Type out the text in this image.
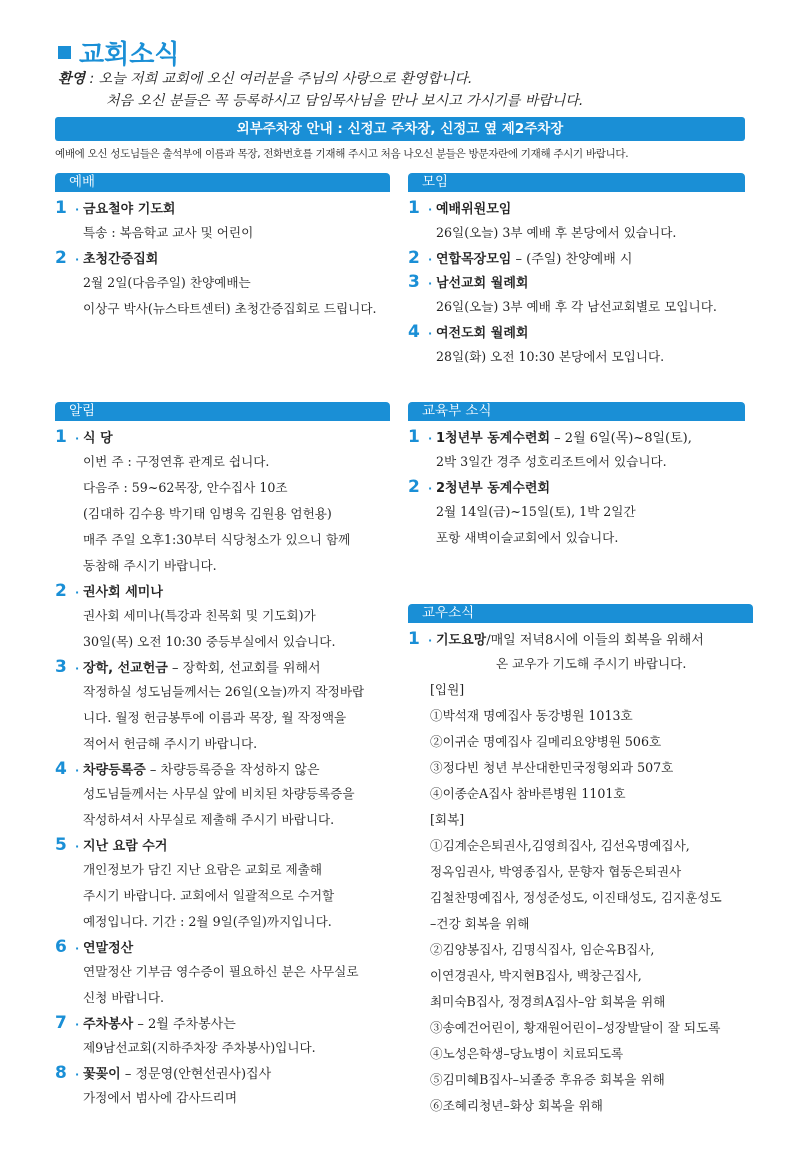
교회소식
환영 : 오늘 저희 교회에 오신 여러분을 주님의 사랑으로 환영합니다.
처음 오신 분들은 꼭 등록하시고 담임목사님을 만나 보시고 가시기를 바랍니다.
외부주차장 안내 : 신정고 주차장, 신정고 옆 제2주차장
예배에 오신 성도님들은 출석부에 이름과 목장, 전화번호를 기재해 주시고 처음 나오신 분들은 방문자란에 기재해 주시기 바랍니다.
예배
1 · 금요철야 기도회
특송 : 복음학교 교사 및 어린이
2 · 초청간증집회
2월 2일(다음주일) 찬양예배는
이상구 박사(뉴스타트센터) 초청간증집회로 드립니다.
모임
1 · 예배위원모임
26일(오늘) 3부 예배 후 본당에서 있습니다.
2 · 연합목장모임 – (주일) 찬양예배 시
3 · 남선교회 월례회
26일(오늘) 3부 예배 후 각 남선교회별로 모입니다.
4 · 여전도회 월례회
28일(화) 오전 10:30 본당에서 모입니다.
알림
1 · 식 당
이번 주 : 구정연휴 관계로 쉽니다.
다음주 : 59~62목장, 안수집사 10조
(김대하 김수용 박기태 임병욱 김원용 엄헌용)
매주 주일 오후1:30부터 식당청소가 있으니 함께
동참해 주시기 바랍니다.
2 · 권사회 세미나
권사회 세미나(특강과 친목회 및 기도회)가
30일(목) 오전 10:30 중등부실에서 있습니다.
3 · 장학, 선교헌금 – 장학회, 선교회를 위해서
작정하실 성도님들께서는 26일(오늘)까지 작정바랍
니다. 월정 헌금봉투에 이름과 목장, 월 작정액을
적어서 헌금해 주시기 바랍니다.
4 · 차량등록증 – 차량등록증을 작성하지 않은
성도님들께서는 사무실 앞에 비치된 차량등록증을
작성하셔서 사무실로 제출해 주시기 바랍니다.
5 · 지난 요람 수거
개인정보가 담긴 지난 요람은 교회로 제출해
주시기 바랍니다. 교회에서 일괄적으로 수거할
예정입니다. 기간 : 2월 9일(주일)까지입니다.
6 · 연말정산
연말정산 기부금 영수증이 필요하신 분은 사무실로
신청 바랍니다.
7 · 주차봉사 – 2월 주차봉사는
제9남선교회(지하주차장 주차봉사)입니다.
8 · 꽃꽂이 – 정문영(안현선권사)집사
가정에서 범사에 감사드리며
교육부 소식
1 · 1청년부 동계수련회 – 2월 6일(목)~8일(토),
2박 3일간 경주 성호리조트에서 있습니다.
2 · 2청년부 동계수련회
2월 14일(금)~15일(토), 1박 2일간
포항 새벽이슬교회에서 있습니다.
교우소식
1 · 기도요망/매일 저녁8시에 이들의 회복을 위해서
온 교우가 기도해 주시기 바랍니다.
[입원]
①박석재 명예집사 동강병원 1013호
②이귀순 명예집사 길메리요양병원 506호
③정다빈 청년 부산대한민국정형외과 507호
④이종순A집사 참바른병원 1101호
[회복]
①김계순은퇴권사,김영희집사, 김선옥명예집사,
정옥임권사, 박영종집사, 문향자 협동은퇴권사
김철찬명예집사, 정성준성도, 이진태성도, 김지훈성도
–건강 회복을 위해
②김양봉집사, 김명식집사, 임순옥B집사,
이연경권사, 박지현B집사, 백창근집사,
최미숙B집사, 정경희A집사–암 회복을 위해
③송예건어린이, 황재원어린이–성장발달이 잘 되도록
④노성은학생–당뇨병이 치료되도록
⑤김미혜B집사–뇌졸중 후유증 회복을 위해
⑥조혜리청년–화상 회복을 위해
